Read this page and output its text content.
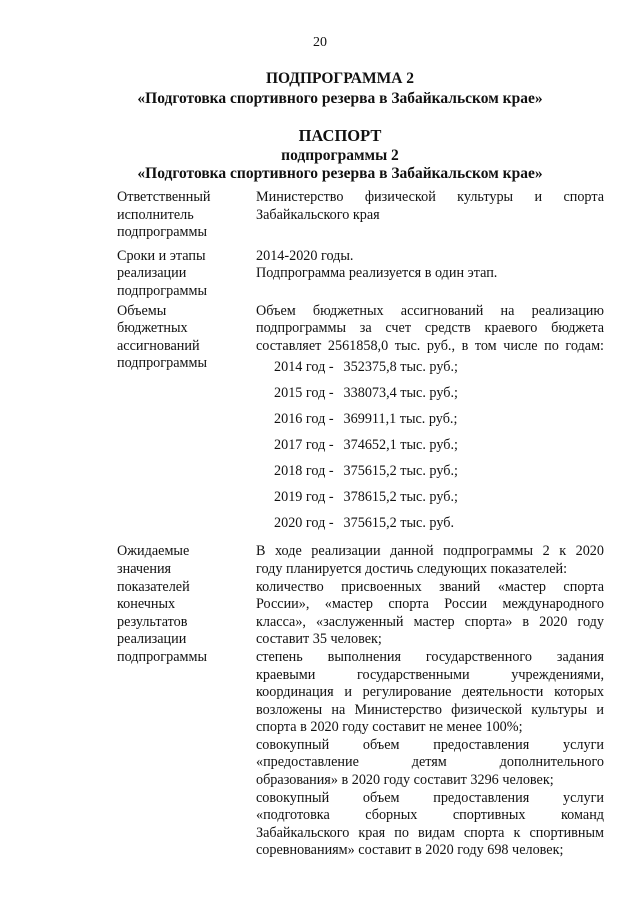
20
ПОДПРОГРАММА 2
«Подготовка спортивного резерва в Забайкальском крае»
ПАСПОРТ
подпрограммы 2
«Подготовка спортивного резерва в Забайкальском крае»
Ответственный
исполнитель
подпрограммы
Министерство физической культуры и спорта
Забайкальского края
Сроки и этапы
реализации
подпрограммы
2014-2020 годы.
Подпрограмма реализуется в один этап.
Объемы
бюджетных
ассигнований
подпрограммы
Объем бюджетных ассигнований на реализацию
подпрограммы за счет средств краевого бюджета
составляет 2561858,0 тыс. руб., в том числе по годам:
2014 год - 352375,8 тыс. руб.;
2015 год - 338073,4 тыс. руб.;
2016 год - 369911,1 тыс. руб.;
2017 год - 374652,1 тыс. руб.;
2018 год - 375615,2 тыс. руб.;
2019 год - 378615,2 тыс. руб.;
2020 год - 375615,2 тыс. руб.
Ожидаемые
значения
показателей
конечных
результатов
реализации
подпрограммы
В ходе реализации данной подпрограммы 2 к 2020
году планируется достичь следующих показателей:
количество присвоенных званий «мастер спорта
России», «мастер спорта России международного
класса», «заслуженный мастер спорта» в 2020 году
составит 35 человек;
степень выполнения государственного задания
краевыми государственными учреждениями,
координация и регулирование деятельности которых
возложены на Министерство физической культуры и
спорта в 2020 году составит не менее 100%;
совокупный объем предоставления услуги
«предоставление детям дополнительного
образования» в 2020 году составит 3296 человек;
совокупный объем предоставления услуги
«подготовка сборных спортивных команд
Забайкальского края по видам спорта к спортивным
соревнованиям» составит в 2020 году 698 человек;
